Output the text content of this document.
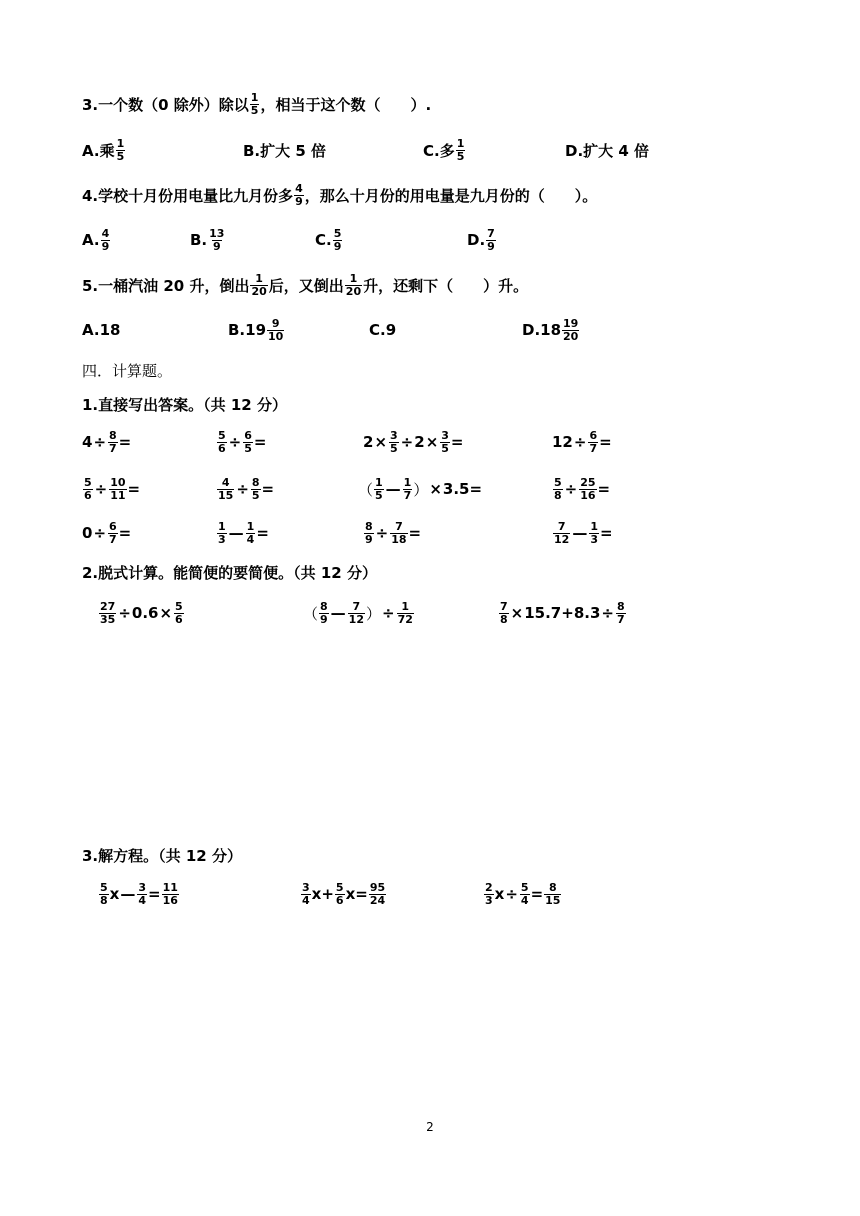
3.一个数（0 除外）除以 $\frac{1}{5}$ ，相当于这个数（　　）.
A.乘 $\frac{1}{5}$	B.扩大 5 倍	C.多 $\frac{1}{5}$	D.扩大 4 倍
4.学校十月份用电量比九月份多 $\frac{4}{9}$ ，那么十月份的用电量是九月份的（　　）。
A. $\frac{4}{9}$	B. $\frac{13}{9}$	C. $\frac{5}{9}$	D. $\frac{7}{9}$
5.一桶汽油 20 升，倒出 $\frac{1}{20}$ 后，又倒出 $\frac{1}{20}$ 升，还剩下（　　）升。
A.18	$B.19 \frac{9}{10}$	C.9	$D.18 \frac{19}{20}$
四．计算题。
1.直接写出答案。（共 12 分）
$4 \div \frac{8}{7}$ =	$\frac{5}{6} \div \frac{6}{5}$ =	$2 \times \frac{3}{5} \div 2 \times \frac{3}{5}$ =	$12 \div \frac{6}{7}$ =
$\frac{5}{6} \div \frac{10}{11}$ =	$\frac{4}{15} \div \frac{8}{5}$ =	（ $\frac{1}{5}$ — $\frac{1}{7}$ ） × 3.5 =	$\frac{5}{8} \div \frac{25}{16}$ =
$0 \div \frac{6}{7}$ =	$\frac{1}{3}$ — $\frac{1}{4}$ =	$\frac{8}{9} \div \frac{7}{18}$ =	$\frac{7}{12}$ — $\frac{1}{3}$ =
2.脱式计算。能简便的要简便。（共 12 分）
$\frac{27}{35} \div 0.6 \times \frac{5}{6}$	（ $\frac{8}{9}$ — $\frac{7}{12}$ ） ÷ $\frac{1}{72}$	$\frac{7}{8} \times 15.7 +8.3 \div \frac{8}{7}$
3.解方程。（共 12 分）
$\frac{5}{8}$ x — $\frac{3}{4} = \frac{11}{16}$	$\frac{3}{4}$ $x + \frac{5}{6}$ $x = \frac{95}{24}$	$\frac{2}{3}$ $x \div \frac{5}{4} = \frac{8}{15}$
2
